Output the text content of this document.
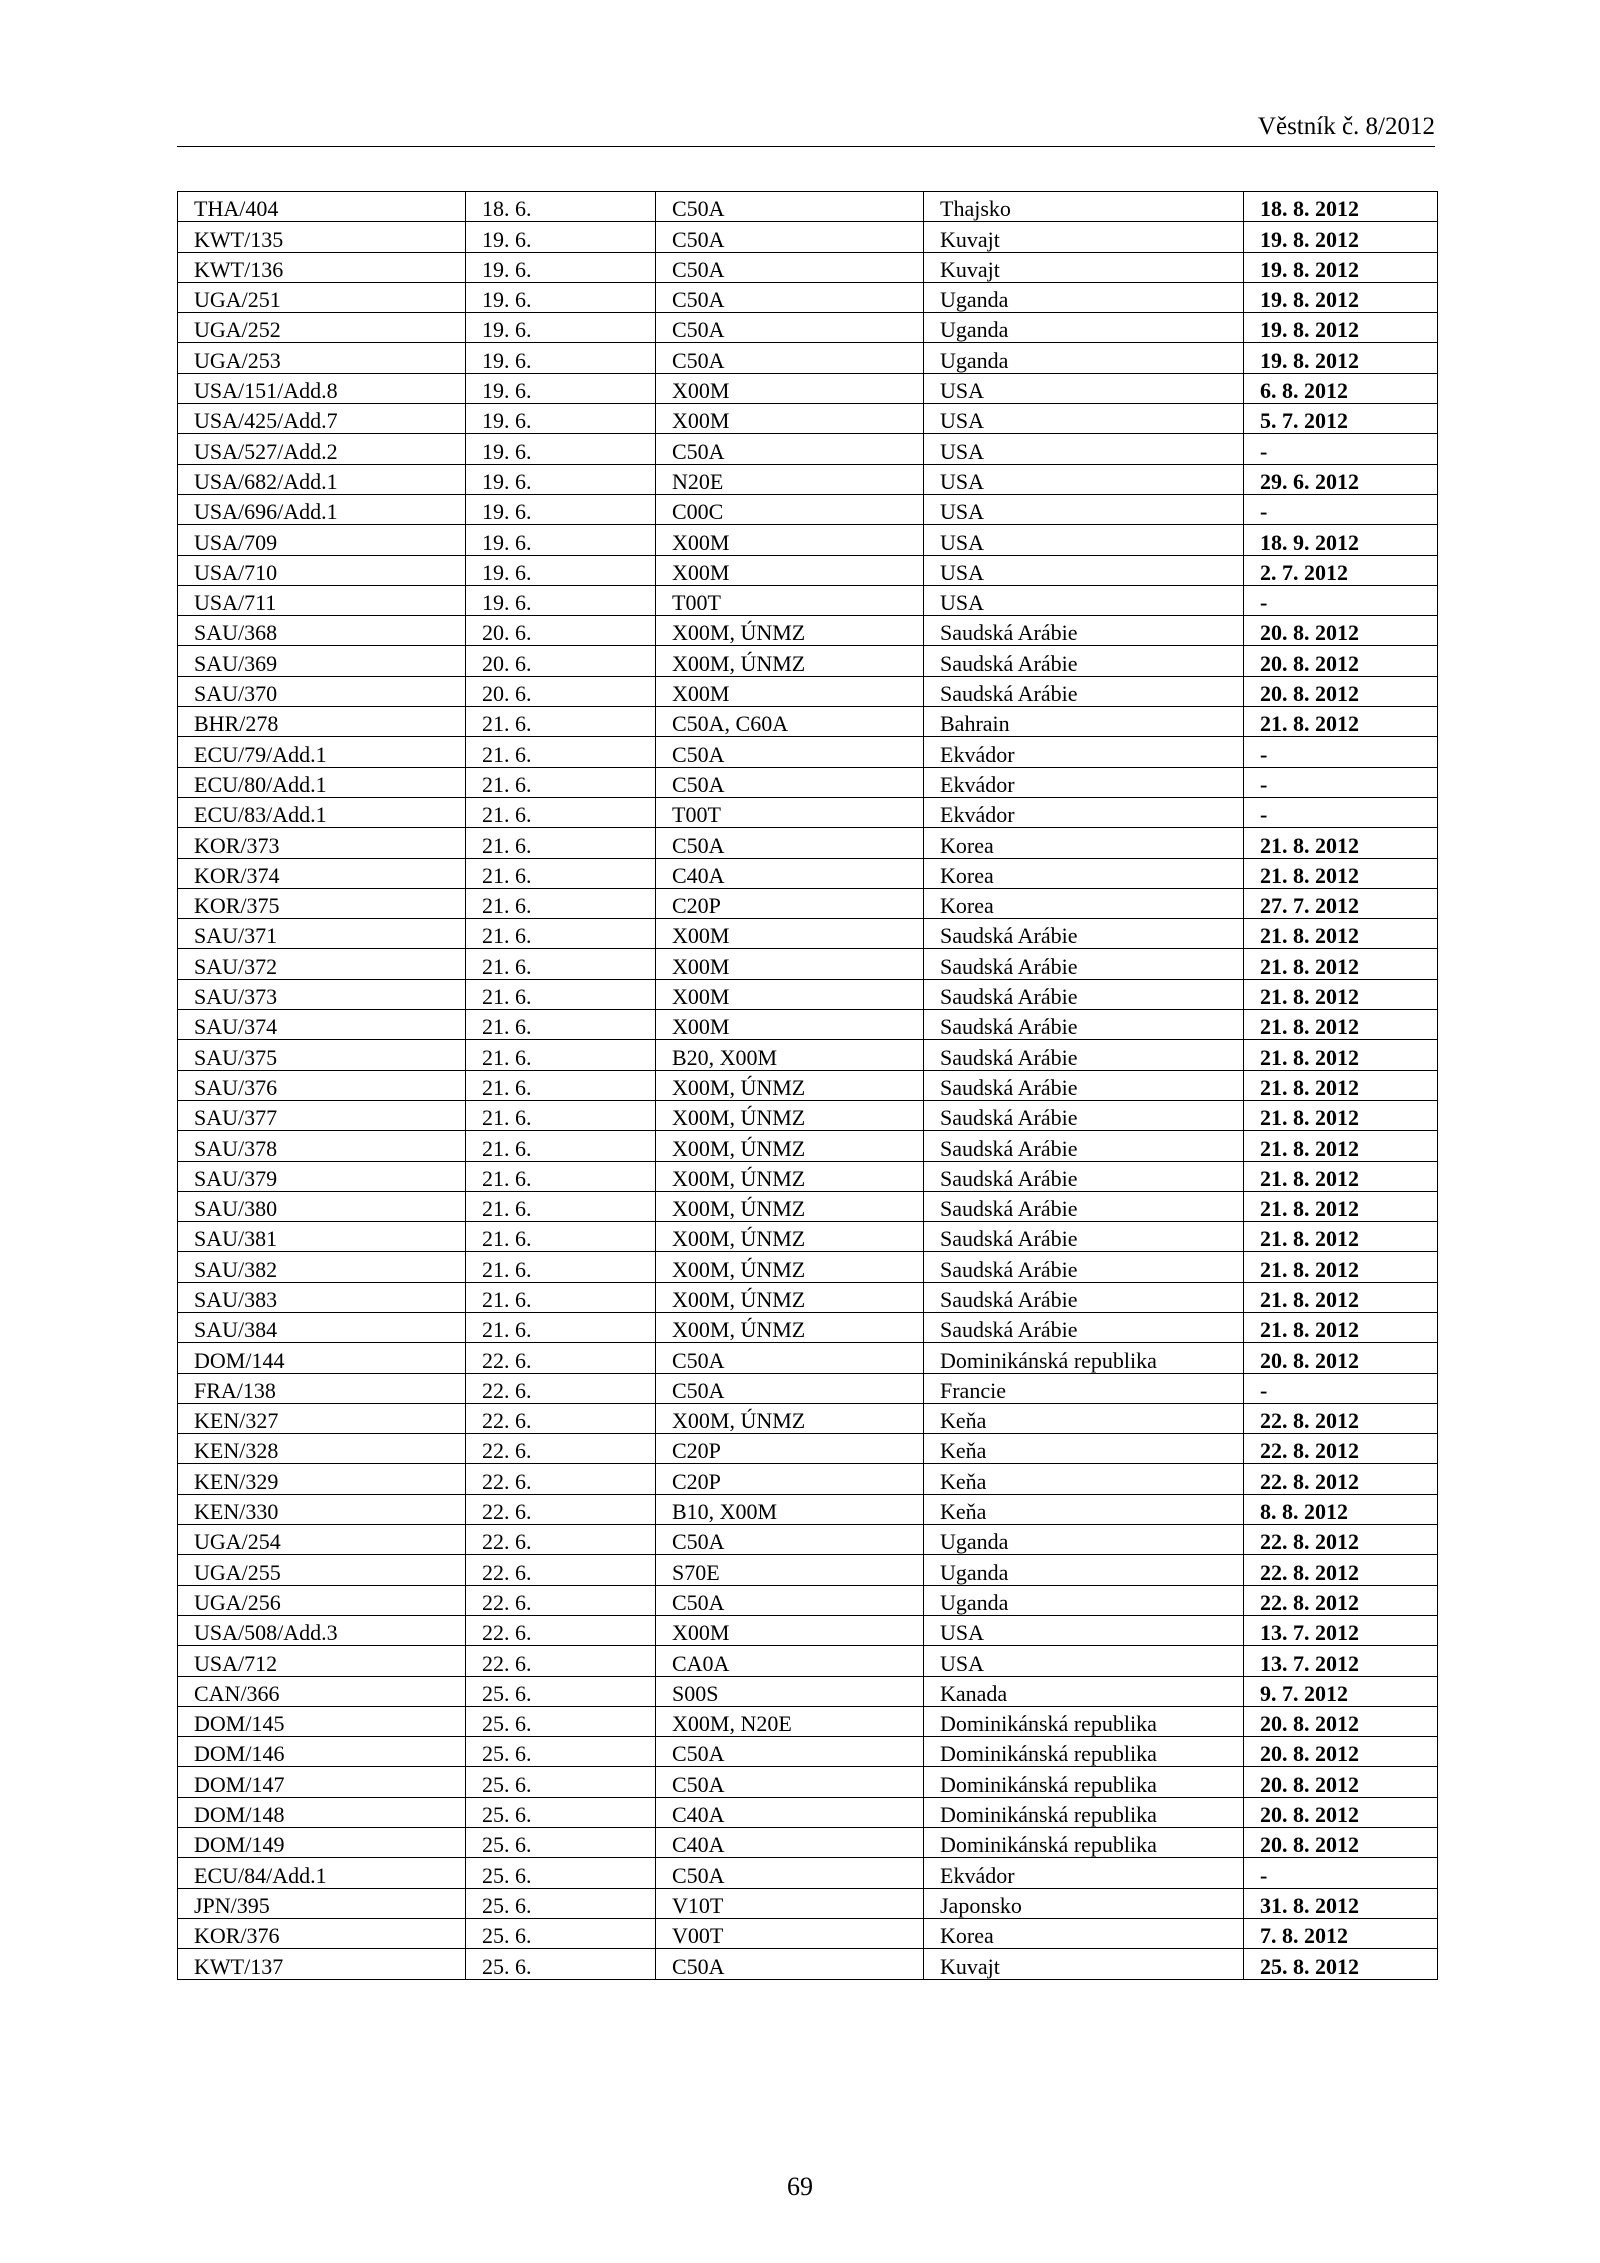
Věstník č. 8/2012
THA/404	18. 6.	C50A	Thajsko	18. 8. 2012
KWT/135	19. 6.	C50A	Kuvajt	19. 8. 2012
KWT/136	19. 6.	C50A	Kuvajt	19. 8. 2012
UGA/251	19. 6.	C50A	Uganda	19. 8. 2012
UGA/252	19. 6.	C50A	Uganda	19. 8. 2012
UGA/253	19. 6.	C50A	Uganda	19. 8. 2012
USA/151/Add.8	19. 6.	X00M	USA	6. 8. 2012
USA/425/Add.7	19. 6.	X00M	USA	5. 7. 2012
USA/527/Add.2	19. 6.	C50A	USA	-
USA/682/Add.1	19. 6.	N20E	USA	29. 6. 2012
USA/696/Add.1	19. 6.	C00C	USA	-
USA/709	19. 6.	X00M	USA	18. 9. 2012
USA/710	19. 6.	X00M	USA	2. 7. 2012
USA/711	19. 6.	T00T	USA	-
SAU/368	20. 6.	X00M, ÚNMZ	Saudská Arábie	20. 8. 2012
SAU/369	20. 6.	X00M, ÚNMZ	Saudská Arábie	20. 8. 2012
SAU/370	20. 6.	X00M	Saudská Arábie	20. 8. 2012
BHR/278	21. 6.	C50A, C60A	Bahrain	21. 8. 2012
ECU/79/Add.1	21. 6.	C50A	Ekvádor	-
ECU/80/Add.1	21. 6.	C50A	Ekvádor	-
ECU/83/Add.1	21. 6.	T00T	Ekvádor	-
KOR/373	21. 6.	C50A	Korea	21. 8. 2012
KOR/374	21. 6.	C40A	Korea	21. 8. 2012
KOR/375	21. 6.	C20P	Korea	27. 7. 2012
SAU/371	21. 6.	X00M	Saudská Arábie	21. 8. 2012
SAU/372	21. 6.	X00M	Saudská Arábie	21. 8. 2012
SAU/373	21. 6.	X00M	Saudská Arábie	21. 8. 2012
SAU/374	21. 6.	X00M	Saudská Arábie	21. 8. 2012
SAU/375	21. 6.	B20, X00M	Saudská Arábie	21. 8. 2012
SAU/376	21. 6.	X00M, ÚNMZ	Saudská Arábie	21. 8. 2012
SAU/377	21. 6.	X00M, ÚNMZ	Saudská Arábie	21. 8. 2012
SAU/378	21. 6.	X00M, ÚNMZ	Saudská Arábie	21. 8. 2012
SAU/379	21. 6.	X00M, ÚNMZ	Saudská Arábie	21. 8. 2012
SAU/380	21. 6.	X00M, ÚNMZ	Saudská Arábie	21. 8. 2012
SAU/381	21. 6.	X00M, ÚNMZ	Saudská Arábie	21. 8. 2012
SAU/382	21. 6.	X00M, ÚNMZ	Saudská Arábie	21. 8. 2012
SAU/383	21. 6.	X00M, ÚNMZ	Saudská Arábie	21. 8. 2012
SAU/384	21. 6.	X00M, ÚNMZ	Saudská Arábie	21. 8. 2012
DOM/144	22. 6.	C50A	Dominikánská republika	20. 8. 2012
FRA/138	22. 6.	C50A	Francie	-
KEN/327	22. 6.	X00M, ÚNMZ	Keňa	22. 8. 2012
KEN/328	22. 6.	C20P	Keňa	22. 8. 2012
KEN/329	22. 6.	C20P	Keňa	22. 8. 2012
KEN/330	22. 6.	B10, X00M	Keňa	8. 8. 2012
UGA/254	22. 6.	C50A	Uganda	22. 8. 2012
UGA/255	22. 6.	S70E	Uganda	22. 8. 2012
UGA/256	22. 6.	C50A	Uganda	22. 8. 2012
USA/508/Add.3	22. 6.	X00M	USA	13. 7. 2012
USA/712	22. 6.	CA0A	USA	13. 7. 2012
CAN/366	25. 6.	S00S	Kanada	9. 7. 2012
DOM/145	25. 6.	X00M, N20E	Dominikánská republika	20. 8. 2012
DOM/146	25. 6.	C50A	Dominikánská republika	20. 8. 2012
DOM/147	25. 6.	C50A	Dominikánská republika	20. 8. 2012
DOM/148	25. 6.	C40A	Dominikánská republika	20. 8. 2012
DOM/149	25. 6.	C40A	Dominikánská republika	20. 8. 2012
ECU/84/Add.1	25. 6.	C50A	Ekvádor	-
JPN/395	25. 6.	V10T	Japonsko	31. 8. 2012
KOR/376	25. 6.	V00T	Korea	7. 8. 2012
KWT/137	25. 6.	C50A	Kuvajt	25. 8. 2012
69
